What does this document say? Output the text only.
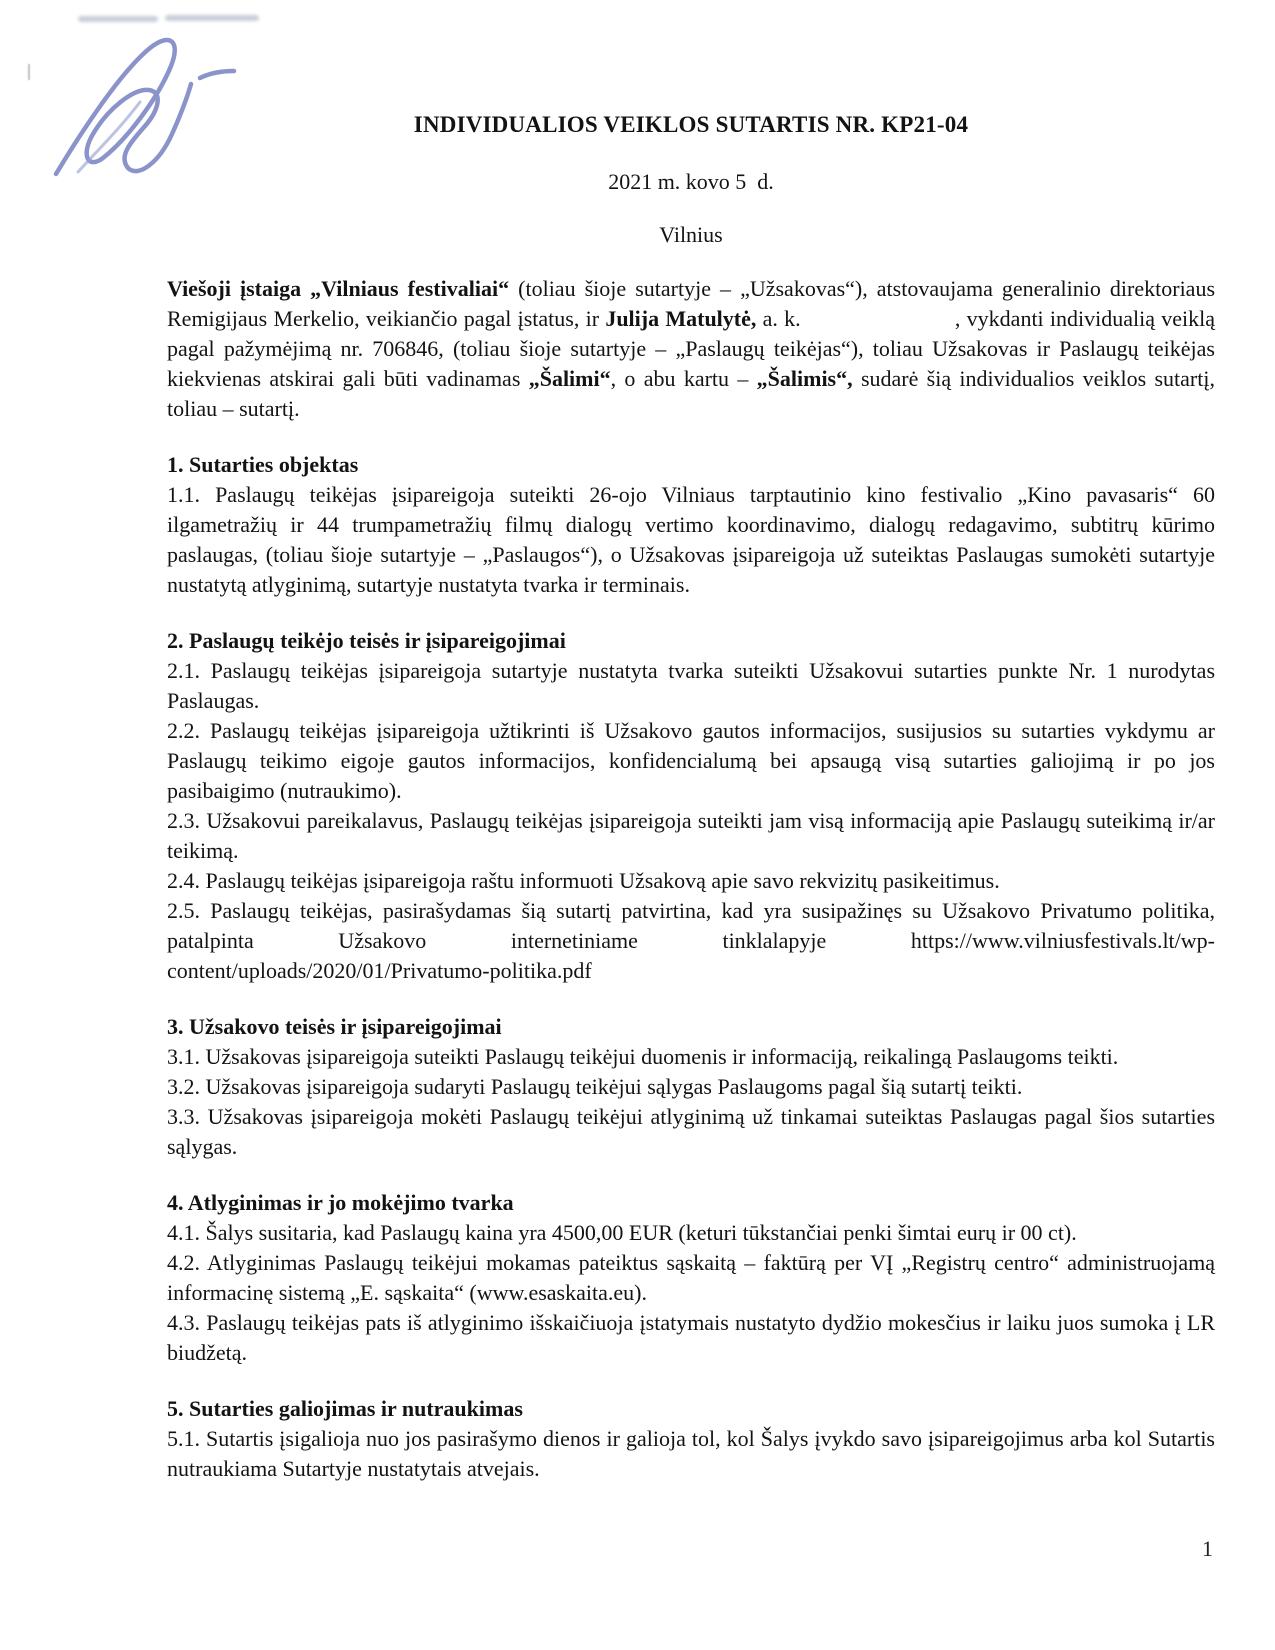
INDIVIDUALIOS VEIKLOS SUTARTIS NR. KP21-04
2021 m. kovo 5  d.
Vilnius

Viešoji įstaiga „Vilniaus festivaliai“ (toliau šioje sutartyje – „Užsakovas“), atstovaujama generalinio direktoriaus Remigijaus Merkelio, veikiančio pagal įstatus, ir Julija Matulytė, a. k.	, vykdanti individualią veiklą pagal pažymėjimą nr. 706846, (toliau šioje sutartyje – „Paslaugų teikėjas“), toliau Užsakovas ir Paslaugų teikėjas kiekvienas atskirai gali būti vadinamas „Šalimi“, o abu kartu – „Šalimis“, sudarė šią individualios veiklos sutartį, toliau – sutartį.

1. Sutarties objektas

1.1. Paslaugų teikėjas įsipareigoja suteikti 26-ojo Vilniaus tarptautinio kino festivalio „Kino pavasaris“ 60 ilgametražių ir 44 trumpametražių filmų dialogų vertimo koordinavimo, dialogų redagavimo, subtitrų kūrimo paslaugas, (toliau šioje sutartyje – „Paslaugos“), o Užsakovas įsipareigoja už suteiktas Paslaugas sumokėti sutartyje nustatytą atlyginimą, sutartyje nustatyta tvarka ir terminais.

2. Paslaugų teikėjo teisės ir įsipareigojimai

2.1. Paslaugų teikėjas įsipareigoja sutartyje nustatyta tvarka suteikti Užsakovui sutarties punkte Nr. 1 nurodytas Paslaugas.

2.2. Paslaugų teikėjas įsipareigoja užtikrinti iš Užsakovo gautos informacijos, susijusios su sutarties vykdymu ar Paslaugų teikimo eigoje gautos informacijos, konfidencialumą bei apsaugą visą sutarties galiojimą ir po jos pasibaigimo (nutraukimo).

2.3. Užsakovui pareikalavus, Paslaugų teikėjas įsipareigoja suteikti jam visą informaciją apie Paslaugų suteikimą ir/ar teikimą.

2.4. Paslaugų teikėjas įsipareigoja raštu informuoti Užsakovą apie savo rekvizitų pasikeitimus.

2.5. Paslaugų teikėjas, pasirašydamas šią sutartį patvirtina, kad yra susipažinęs su Užsakovo Privatumo politika, patalpinta Užsakovo internetiniame tinklalapyje https://www.vilniusfestivals.lt/wp-content/uploads/2020/01/Privatumo-politika.pdf

3. Užsakovo teisės ir įsipareigojimai

3.1. Užsakovas įsipareigoja suteikti Paslaugų teikėjui duomenis ir informaciją, reikalingą Paslaugoms teikti.

3.2. Užsakovas įsipareigoja sudaryti Paslaugų teikėjui sąlygas Paslaugoms pagal šią sutartį teikti.

3.3. Užsakovas įsipareigoja mokėti Paslaugų teikėjui atlyginimą už tinkamai suteiktas Paslaugas pagal šios sutarties sąlygas.

4. Atlyginimas ir jo mokėjimo tvarka

4.1. Šalys susitaria, kad Paslaugų kaina yra 4500,00 EUR (keturi tūkstančiai penki šimtai eurų ir 00 ct).

4.2. Atlyginimas Paslaugų teikėjui mokamas pateiktus sąskaitą – faktūrą per VĮ „Registrų centro“ administruojamą informacinę sistemą „E. sąskaita“ (www.esaskaita.eu).

4.3. Paslaugų teikėjas pats iš atlyginimo išskaičiuoja įstatymais nustatyto dydžio mokesčius ir laiku juos sumoka į LR biudžetą.

5. Sutarties galiojimas ir nutraukimas

5.1. Sutartis įsigalioja nuo jos pasirašymo dienos ir galioja tol, kol Šalys įvykdo savo įsipareigojimus arba kol Sutartis nutraukiama Sutartyje nustatytais atvejais.

1
